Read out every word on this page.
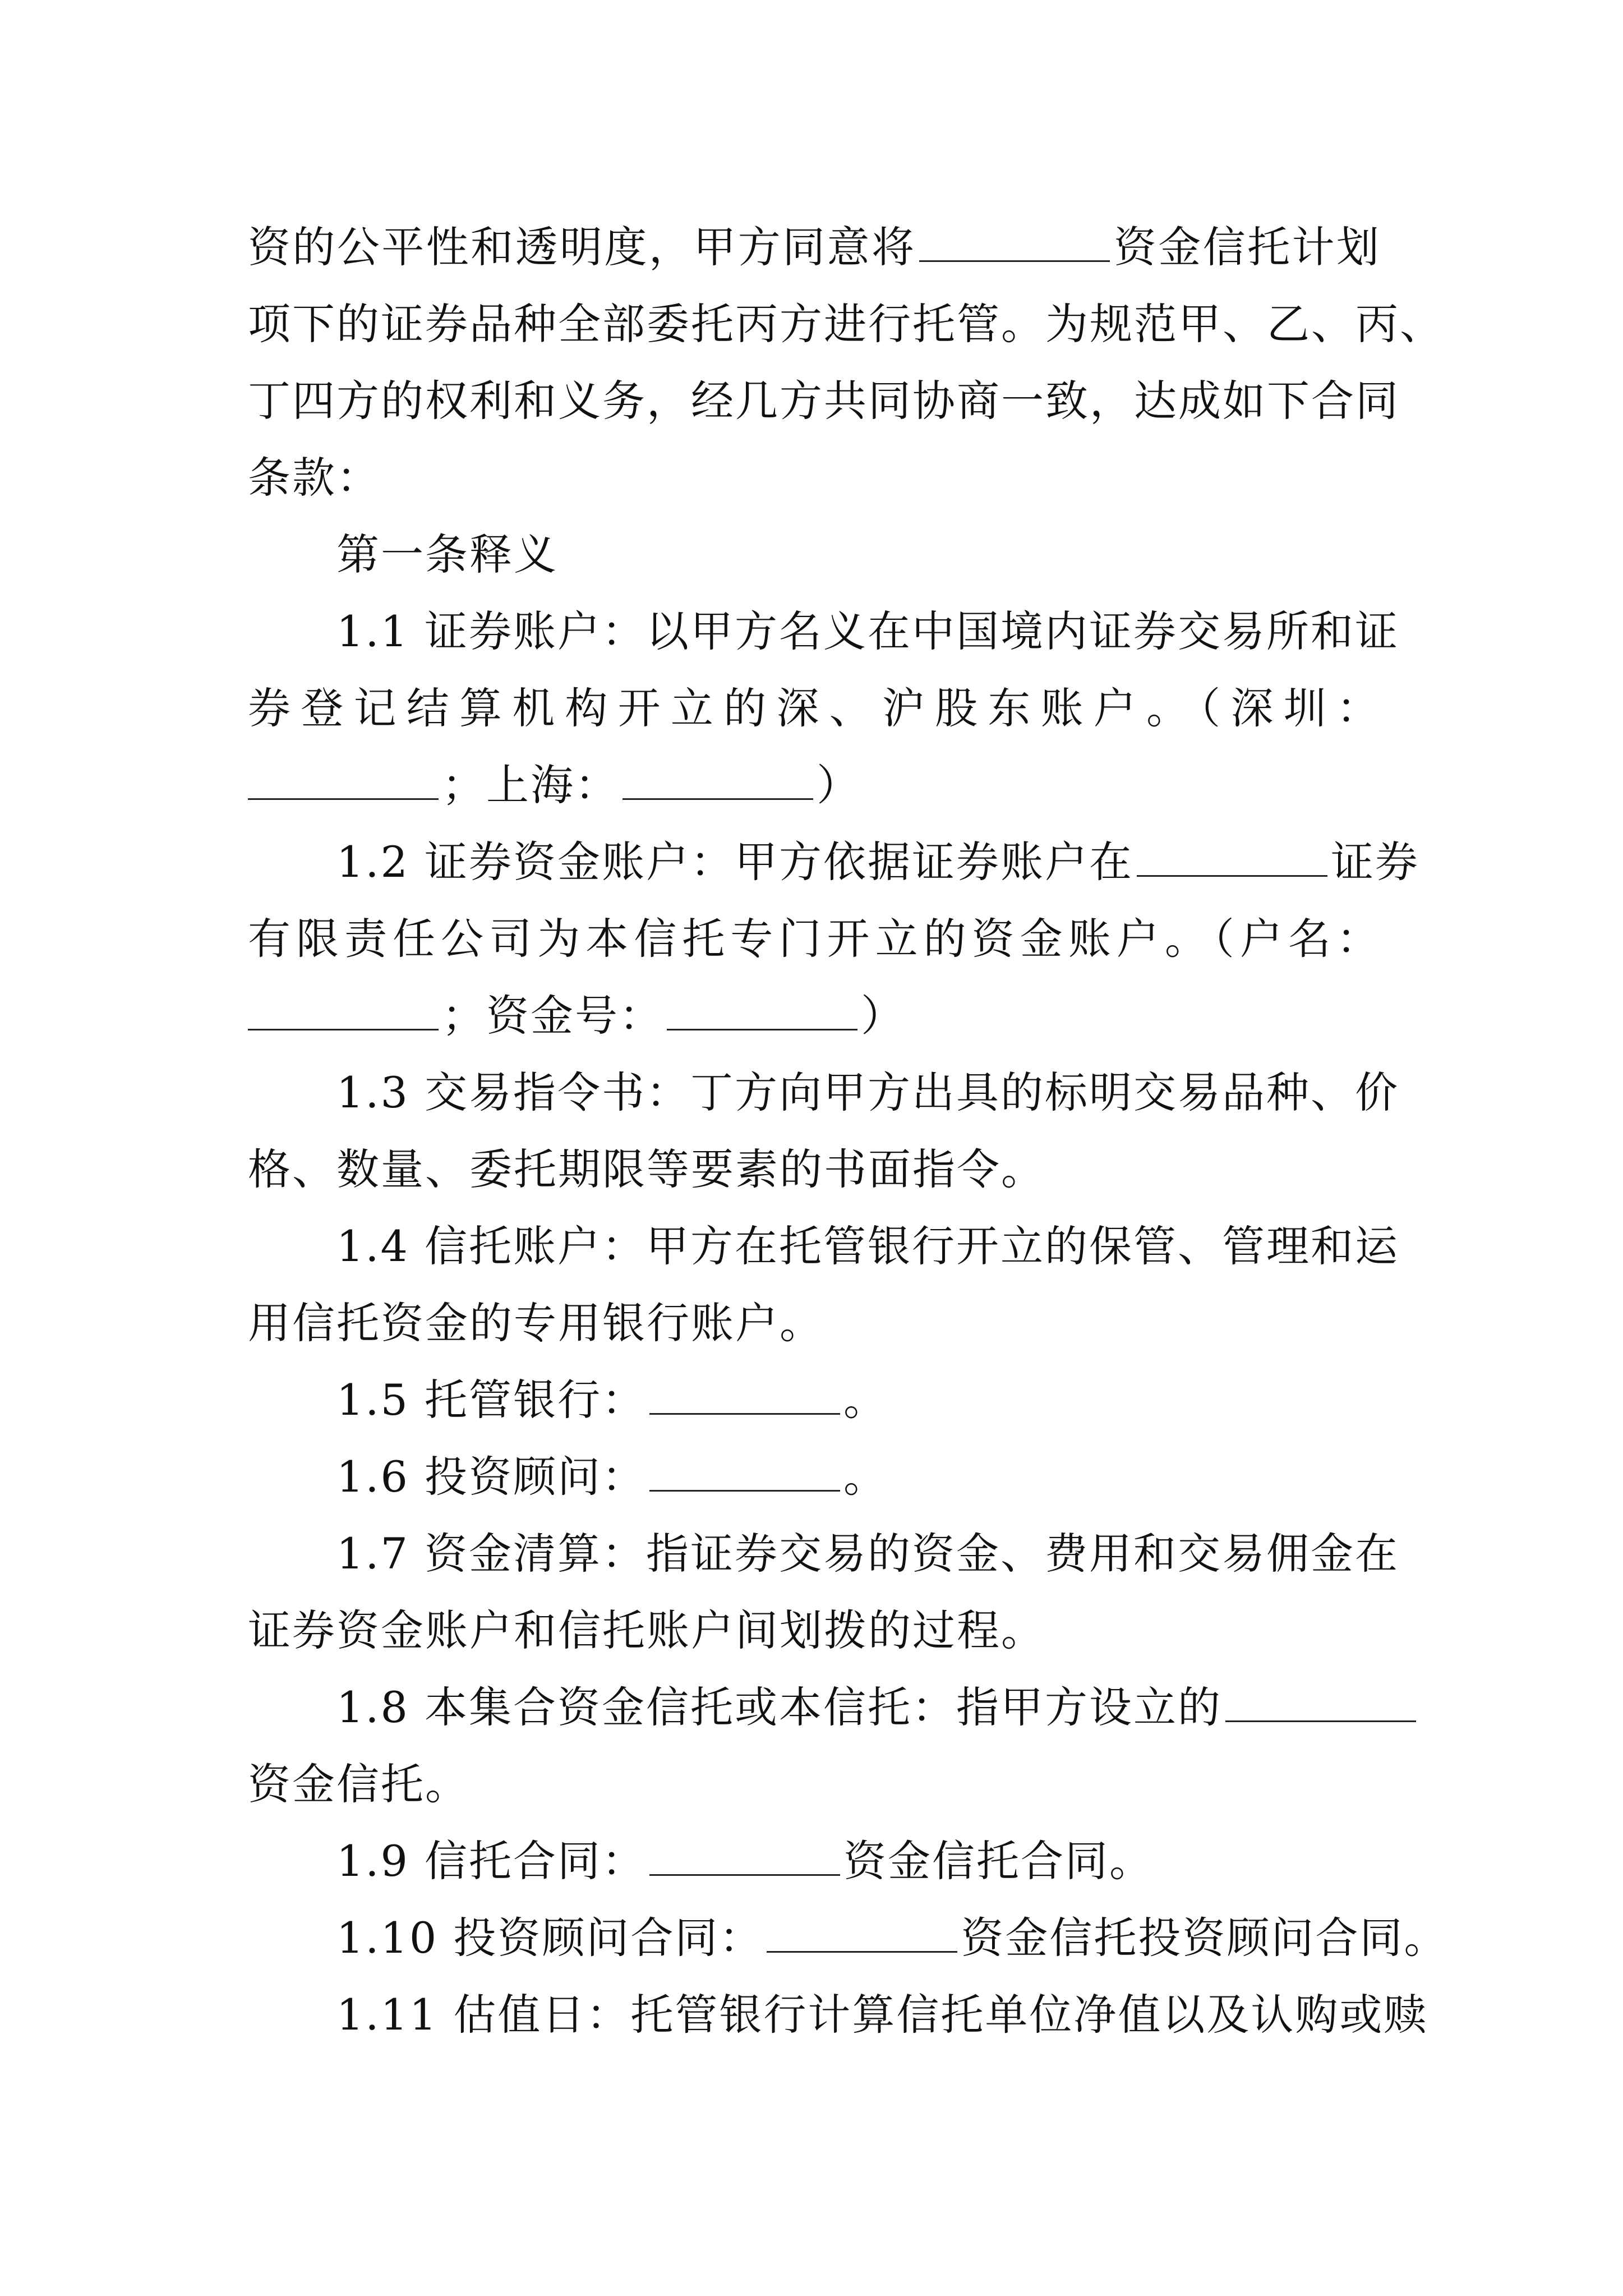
资的公平性和透明度，甲方同意将	资金信托计划
项下的证券品种全部委托丙方进行托管。为规范甲、乙、丙、
丁四方的权利和义务，经几方共同协商一致，达成如下合同
条款：
第一条释义
1.1 证券账户：以甲方名义在中国境内证券交易所和证
券登记结算机构开立的深、沪股东账户。（深圳：
；上海：	）
1.2 证券资金账户：甲方依据证券账户在	证券
有限责任公司为本信托专门开立的资金账户。（户名：
；资金号：	）
1.3 交易指令书：丁方向甲方出具的标明交易品种、价
格、数量、委托期限等要素的书面指令。
1.4 信托账户：甲方在托管银行开立的保管、管理和运
用信托资金的专用银行账户。
1.5 托管银行：	。
1.6 投资顾问：	。
1.7 资金清算：指证券交易的资金、费用和交易佣金在
证券资金账户和信托账户间划拨的过程。
1.8 本集合资金信托或本信托：指甲方设立的
资金信托。
1.9 信托合同：	资金信托合同。
1.10 投资顾问合同：	资金信托投资顾问合同。
1.11 估值日：托管银行计算信托单位净值以及认购或赎
